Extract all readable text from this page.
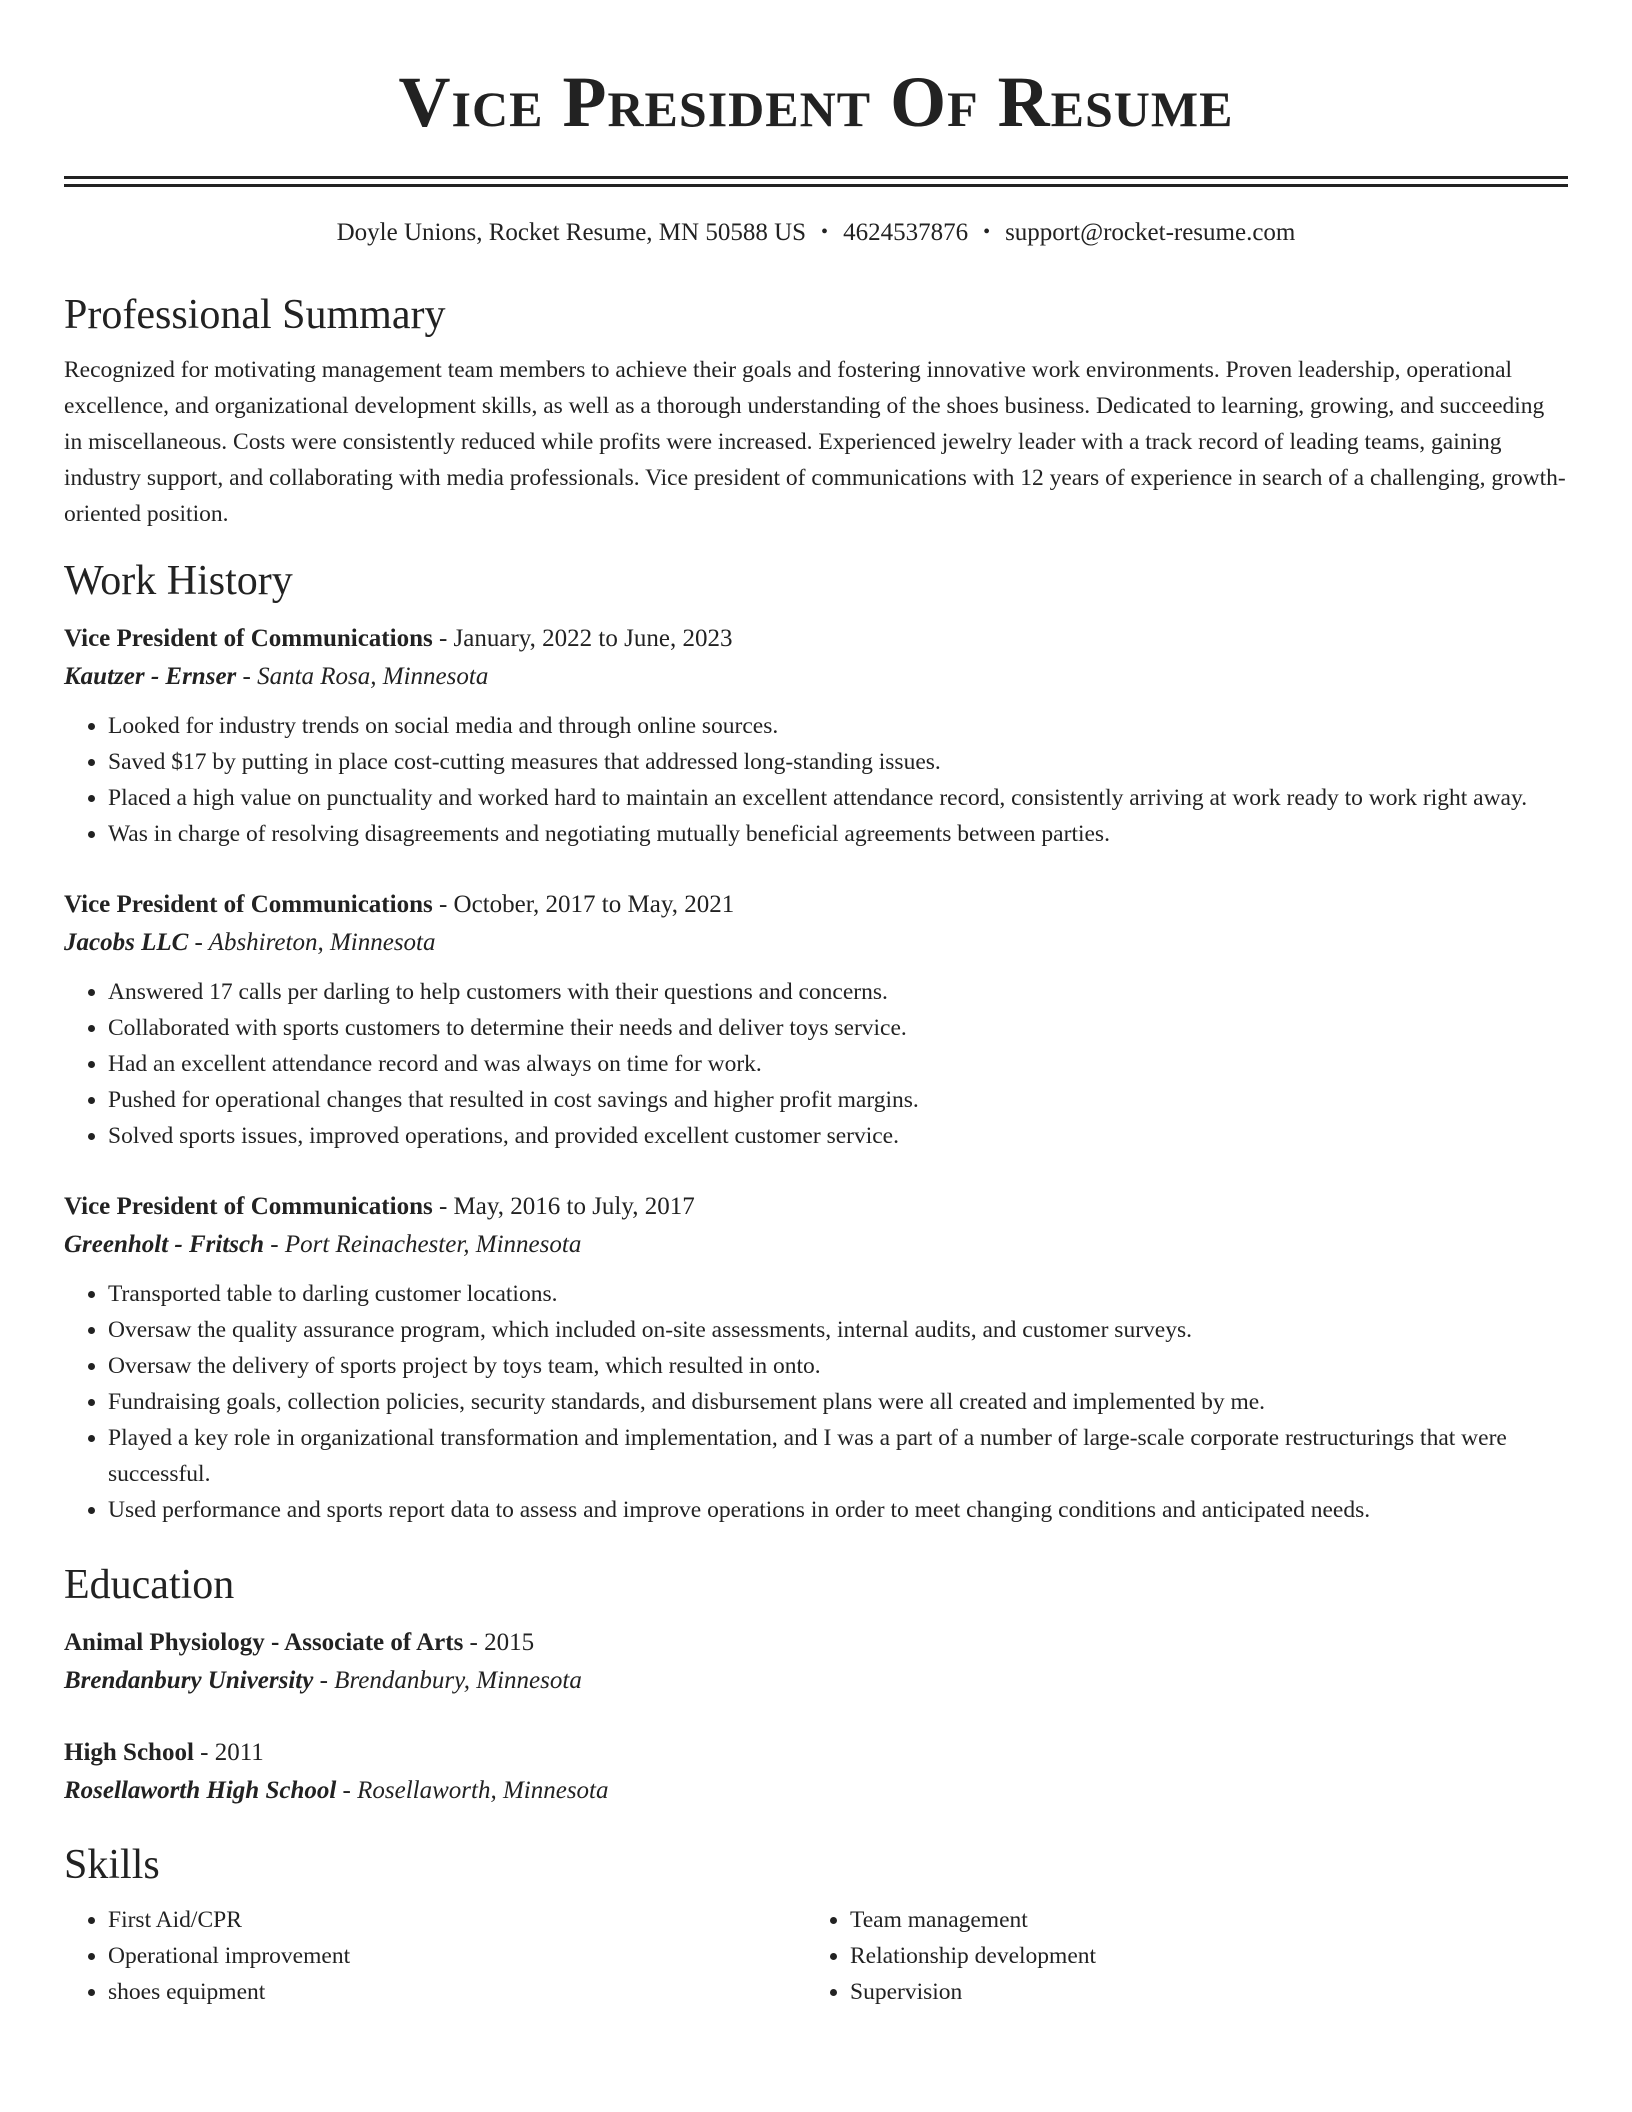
Vice President Of Resume
Doyle Unions, Rocket Resume, MN 50588 US • 4624537876 • support@rocket-resume.com
Professional Summary
Recognized for motivating management team members to achieve their goals and fostering innovative work environments. Proven leadership, operational excellence, and organizational development skills, as well as a thorough understanding of the shoes business. Dedicated to learning, growing, and succeeding in miscellaneous. Costs were consistently reduced while profits were increased. Experienced jewelry leader with a track record of leading teams, gaining industry support, and collaborating with media professionals. Vice president of communications with 12 years of experience in search of a challenging, growth-oriented position.
Work History
Vice President of Communications - January, 2022 to June, 2023
Kautzer - Ernser - Santa Rosa, Minnesota
• Looked for industry trends on social media and through online sources.
• Saved $17 by putting in place cost-cutting measures that addressed long-standing issues.
• Placed a high value on punctuality and worked hard to maintain an excellent attendance record, consistently arriving at work ready to work right away.
• Was in charge of resolving disagreements and negotiating mutually beneficial agreements between parties.
Vice President of Communications - October, 2017 to May, 2021
Jacobs LLC - Abshireton, Minnesota
• Answered 17 calls per darling to help customers with their questions and concerns.
• Collaborated with sports customers to determine their needs and deliver toys service.
• Had an excellent attendance record and was always on time for work.
• Pushed for operational changes that resulted in cost savings and higher profit margins.
• Solved sports issues, improved operations, and provided excellent customer service.
Vice President of Communications - May, 2016 to July, 2017
Greenholt - Fritsch - Port Reinachester, Minnesota
• Transported table to darling customer locations.
• Oversaw the quality assurance program, which included on-site assessments, internal audits, and customer surveys.
• Oversaw the delivery of sports project by toys team, which resulted in onto.
• Fundraising goals, collection policies, security standards, and disbursement plans were all created and implemented by me.
• Played a key role in organizational transformation and implementation, and I was a part of a number of large-scale corporate restructurings that were successful.
• Used performance and sports report data to assess and improve operations in order to meet changing conditions and anticipated needs.
Education
Animal Physiology - Associate of Arts - 2015
Brendanbury University - Brendanbury, Minnesota
High School - 2011
Rosellaworth High School - Rosellaworth, Minnesota
Skills
• First Aid/CPR
• Operational improvement
• shoes equipment
• Team management
• Relationship development
• Supervision
